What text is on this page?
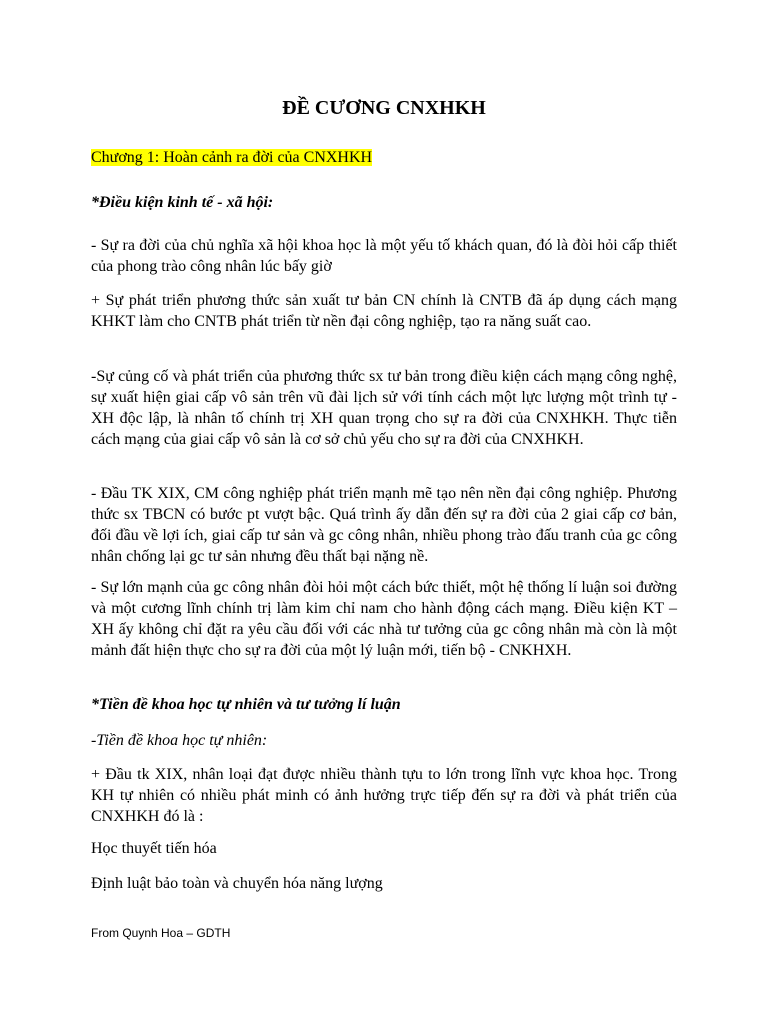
ĐỀ CƯƠNG CNXHKH
Chương 1: Hoàn cảnh ra đời của CNXHKH
*Điều kiện kinh tế - xã hội:
- Sự ra đời của chủ nghĩa xã hội khoa học là một yếu tố khách quan, đó là đòi hỏi cấp thiết của phong trào công nhân lúc bấy giờ
+ Sự phát triển phương thức sản xuất tư bản CN chính là CNTB đã áp dụng cách mạng KHKT làm cho CNTB phát triển từ nền đại công nghiệp, tạo ra năng suất cao.
-Sự củng cố và phát triển của phương thức sx tư bản trong điều kiện cách mạng công nghệ, sự xuất hiện giai cấp vô sản trên vũ đài lịch sử với tính cách một lực lượng một trình tự - XH độc lập, là nhân tố chính trị XH quan trọng cho sự ra đời của CNXHKH. Thực tiễn cách mạng của giai cấp vô sản là cơ sở chủ yếu cho sự ra đời của CNXHKH.
- Đầu TK XIX, CM công nghiệp phát triển mạnh mẽ tạo nên nền đại công nghiệp. Phương thức sx TBCN có bước pt vượt bậc. Quá trình ấy dẫn đến sự ra đời của 2 giai cấp cơ bản, đối đầu về lợi ích, giai cấp tư sản và gc công nhân, nhiều phong trào đấu tranh của gc công nhân chống lại gc tư sản nhưng đều thất bại nặng nề.
- Sự lớn mạnh của gc công nhân đòi hỏi một cách bức thiết, một hệ thống lí luận soi đường và một cương lĩnh chính trị làm kim chỉ nam cho hành động cách mạng. Điều kiện KT – XH ấy không chỉ đặt ra yêu cầu đối với các nhà tư tưởng của gc công nhân mà còn là một mảnh đất hiện thực cho sự ra đời của một lý luận mới, tiến bộ - CNKHXH.
*Tiền đề khoa học tự nhiên và tư tưởng lí luận
-Tiền đề khoa học tự nhiên:
+ Đầu tk XIX, nhân loại đạt được nhiều thành tựu to lớn trong lĩnh vực khoa học. Trong KH tự nhiên có nhiều phát minh có ảnh hưởng trực tiếp đến sự ra đời và phát triển của CNXHKH đó là :
Học thuyết tiến hóa
Định luật bảo toàn và chuyển hóa năng lượng
From Quynh Hoa – GDTH
